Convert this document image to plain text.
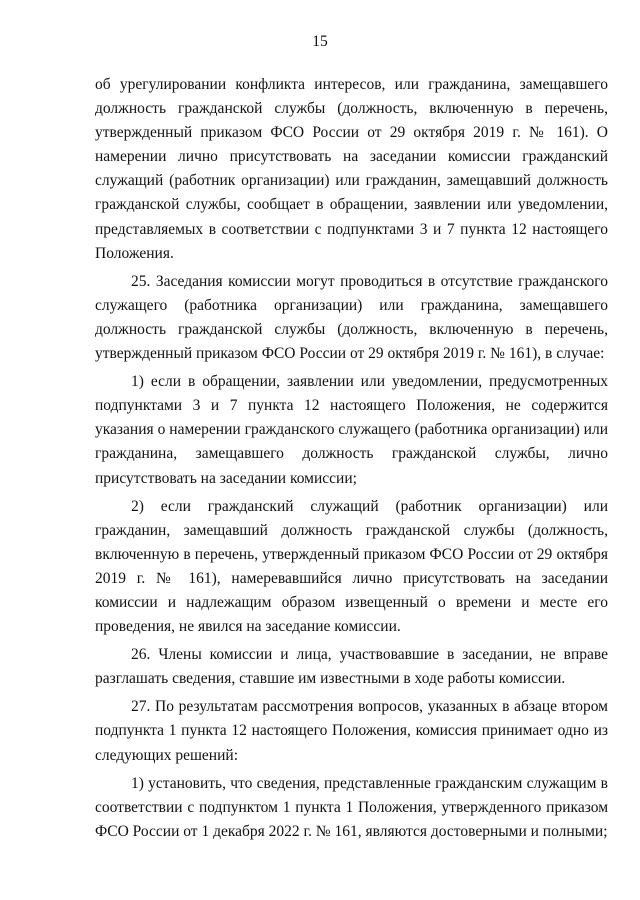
15

об урегулировании конфликта интересов, или гражданина, замещавшего должность гражданской службы (должность, включенную в перечень, утвержденный приказом ФСО России от 29 октября 2019 г. № 161). О намерении лично присутствовать на заседании комиссии гражданский служащий (работник организации) или гражданин, замещавший должность гражданской службы, сообщает в обращении, заявлении или уведомлении, представляемых в соответствии с подпунктами 3 и 7 пункта 12 настоящего Положения.

25. Заседания комиссии могут проводиться в отсутствие гражданского служащего (работника организации) или гражданина, замещавшего должность гражданской службы (должность, включенную в перечень, утвержденный приказом ФСО России от 29 октября 2019 г. № 161), в случае:

1) если в обращении, заявлении или уведомлении, предусмотренных подпунктами 3 и 7 пункта 12 настоящего Положения, не содержится указания о намерении гражданского служащего (работника организации) или гражданина, замещавшего должность гражданской службы, лично присутствовать на заседании комиссии;

2) если гражданский служащий (работник организации) или гражданин, замещавший должность гражданской службы (должность, включенную в перечень, утвержденный приказом ФСО России от 29 октября 2019 г. № 161), намеревавшийся лично присутствовать на заседании комиссии и надлежащим образом извещенный о времени и месте его проведения, не явился на заседание комиссии.

26. Члены комиссии и лица, участвовавшие в заседании, не вправе разглашать сведения, ставшие им известными в ходе работы комиссии.

27. По результатам рассмотрения вопросов, указанных в абзаце втором подпункта 1 пункта 12 настоящего Положения, комиссия принимает одно из следующих решений:

1) установить, что сведения, представленные гражданским служащим в соответствии с подпунктом 1 пункта 1 Положения, утвержденного приказом ФСО России от 1 декабря 2022 г. № 161, являются достоверными и полными;
